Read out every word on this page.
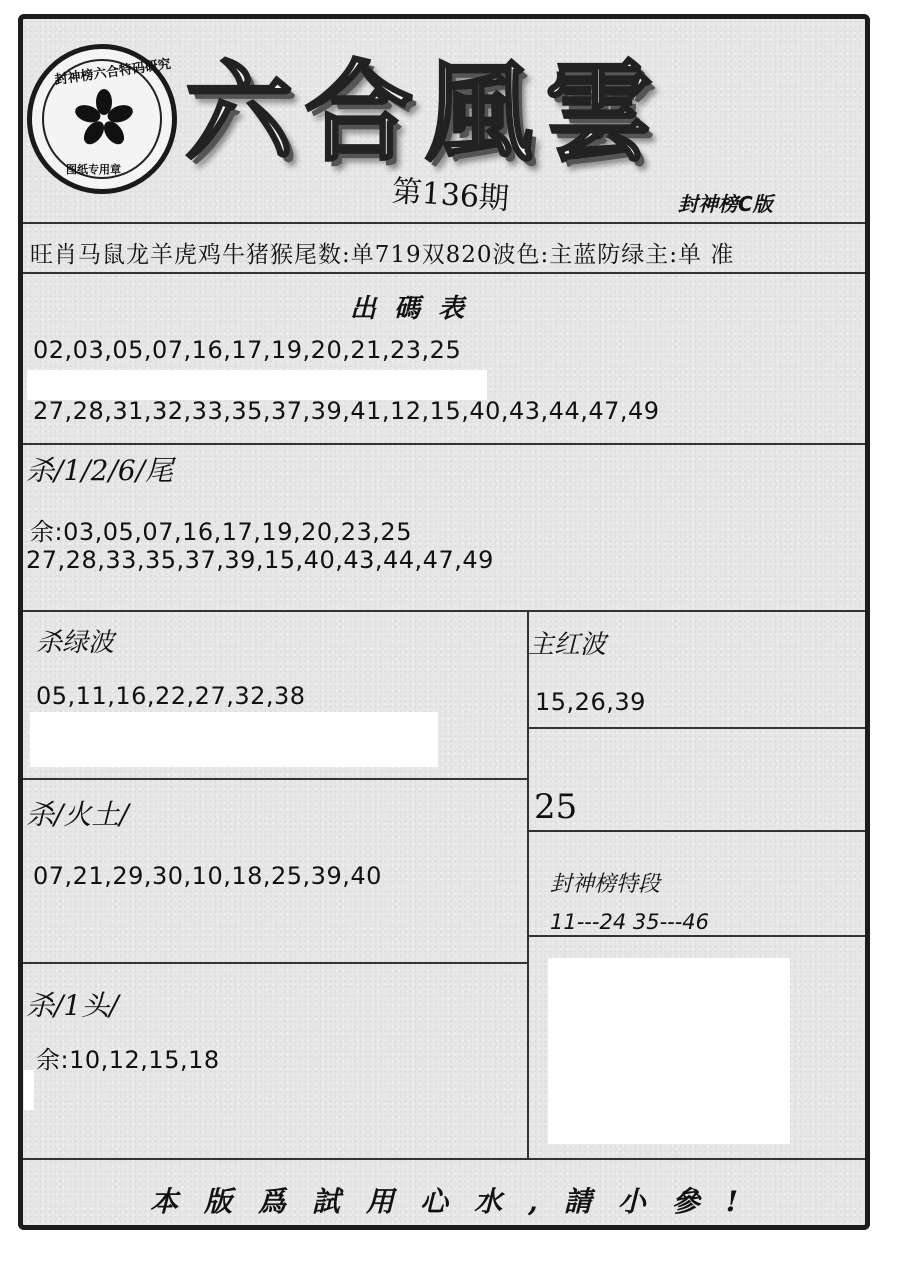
封神榜六合特码研究
图纸专用章 六合風雲
第136期	封神榜C版
旺肖马鼠龙羊虎鸡牛猪猴尾数:单719双820波色:主蓝防绿主:单 准
出碼表
02,03,05,07,16,17,19,20,21,23,25
27,28,31,32,33,35,37,39,41,12,15,40,43,44,47,49
杀/1/2/6/尾
余:03,05,07,16,17,19,20,23,25
27,28,33,35,37,39,15,40,43,44,47,49
杀绿波
05,11,16,22,27,32,38
主红波
15,26,39
25
杀/火土/
07,21,29,30,10,18,25,39,40	封神榜特段
11---24 35---46
杀/1头/
余:10,12,15,18
本版爲試用心水,請小參!
